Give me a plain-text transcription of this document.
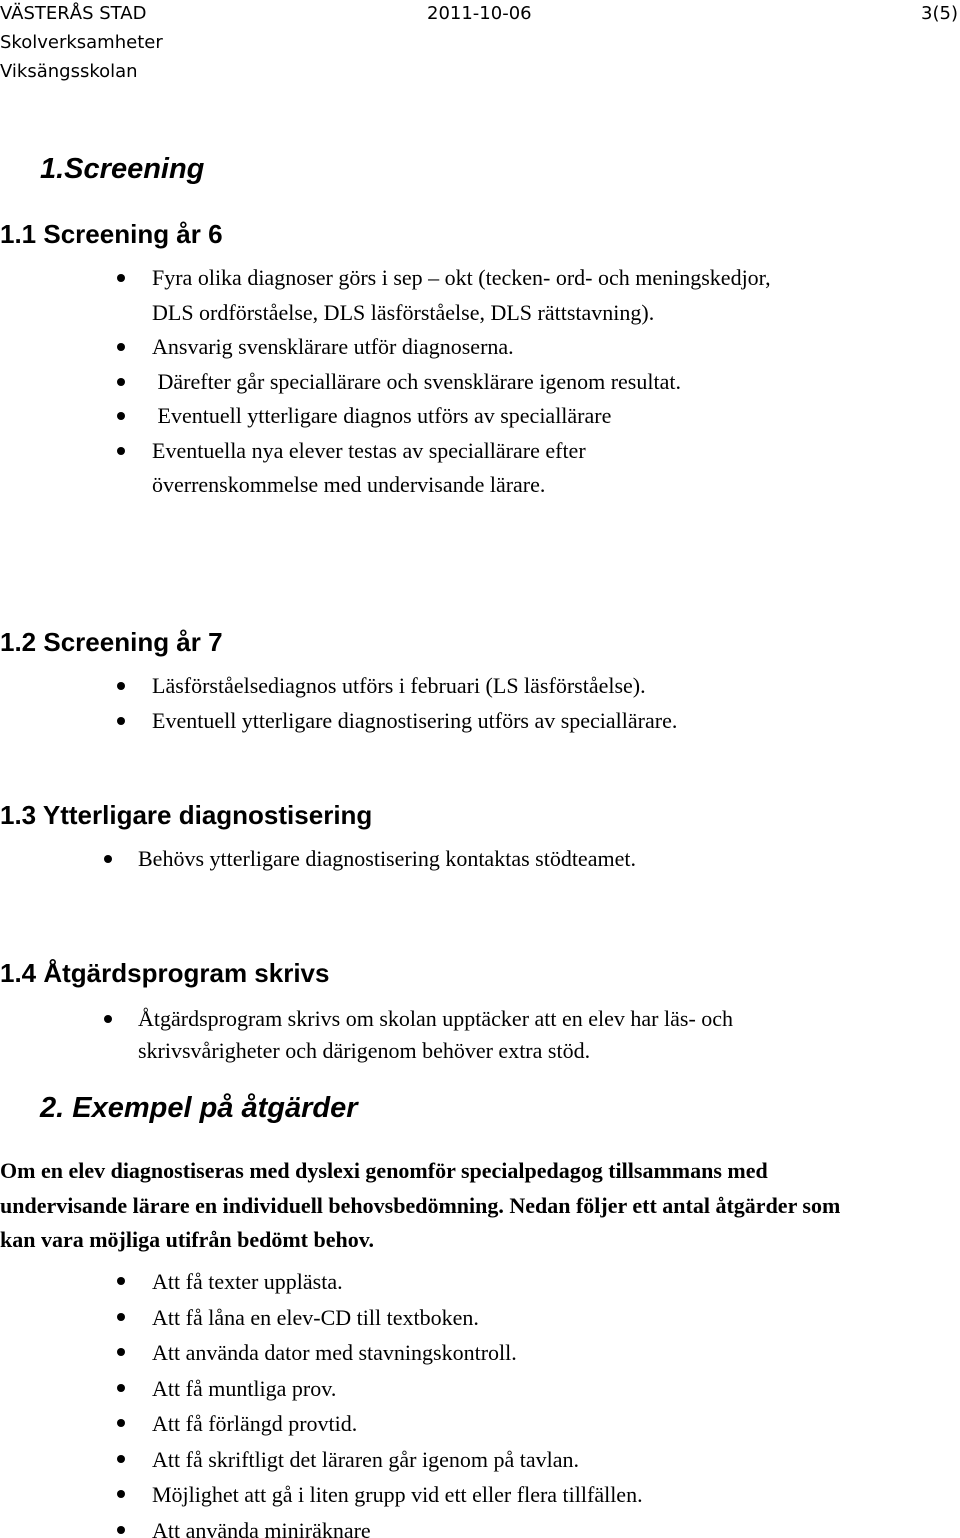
VÄSTERÅS STAD
Skolverksamheter
Viksängsskolan
2011-10-06	3(5)
1.Screening
1.1 Screening år 6
Fyra olika diagnoser görs i sep – okt (tecken- ord- och meningskedjor, DLS ordförståelse, DLS läsförståelse, DLS rättstavning).
Ansvarig svensklärare utför diagnoserna.
Därefter går speciallärare och svensklärare igenom resultat.
Eventuell ytterligare diagnos utförs av speciallärare
Eventuella nya elever testas av speciallärare efter överrenskommelse med undervisande lärare.
1.2 Screening år 7
Läsförståelsediagnos utförs i februari (LS läsförståelse).
Eventuell ytterligare diagnostisering utförs av speciallärare.
1.3 Ytterligare diagnostisering
Behövs ytterligare diagnostisering kontaktas stödteamet.
1.4 Åtgärdsprogram skrivs
Åtgärdsprogram skrivs om skolan upptäcker att en elev har läs- och skrivsvårigheter och därigenom behöver extra stöd.
2. Exempel på åtgärder

Om en elev diagnostiseras med dyslexi genomför specialpedagog tillsammans med undervisande lärare en individuell behovsbedömning. Nedan följer ett antal åtgärder som kan vara möjliga utifrån bedömt behov.

Att få texter upplästa.
Att få låna en elev-CD till textboken.
Att använda dator med stavningskontroll.
Att få muntliga prov.
Att få förlängd provtid.
Att få skriftligt det läraren går igenom på tavlan.
Möjlighet att gå i liten grupp vid ett eller flera tillfällen.
Att använda miniräknare
